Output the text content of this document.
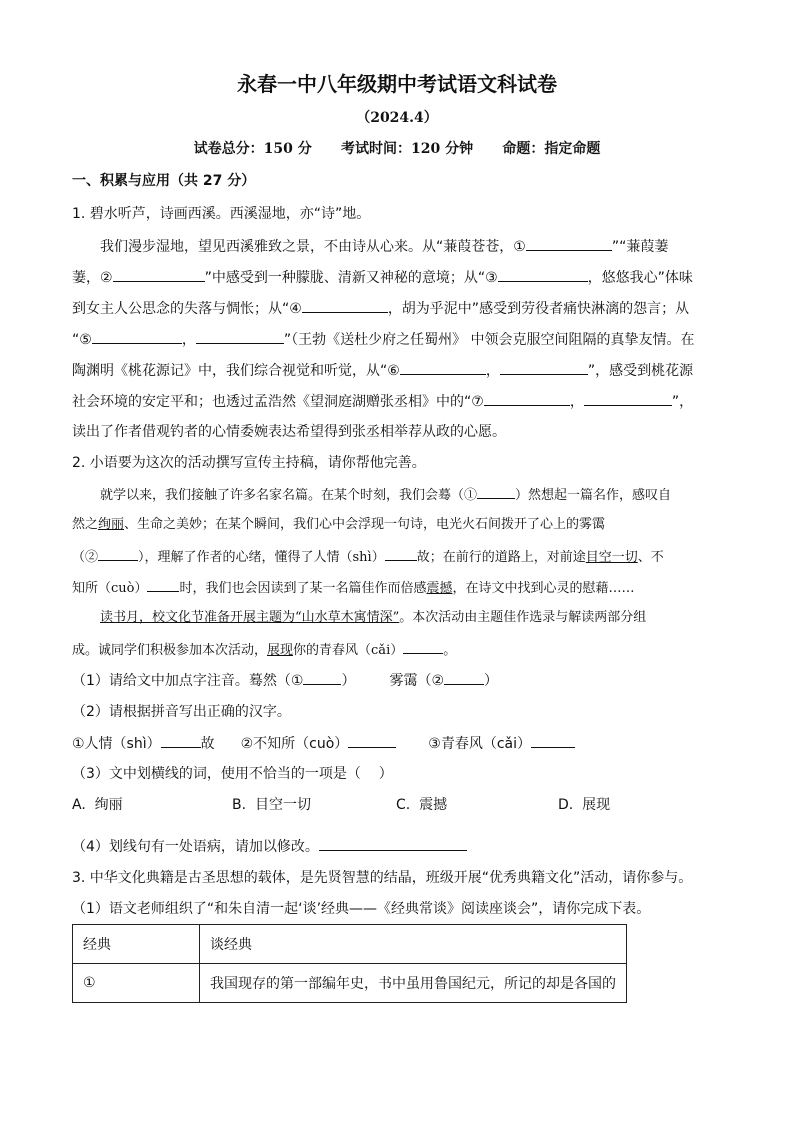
永春一中八年级期中考试语文科试卷
（2024.4）
试卷总分：150 分      考试时间：120 分钟      命题：指定命题
一、积累与应用（共 27 分）
1. 碧水听芦，诗画西溪。西溪湿地，亦“诗”地。
我们漫步湿地，望见西溪雅致之景，不由诗从心来。从“蒹葭苍苍，①	”“蒹葭萋
萋，②	”中感受到一种朦胧、清新又神秘的意境；从“③	，悠悠我心”体味
到女主人公思念的失落与惆怅；从“④	，胡为乎泥中”感受到劳役者痛快淋漓的怨言；从
“⑤	，	”（王勃《送杜少府之任蜀州》 中领会克服空间阻隔的真挚友情。在
陶渊明《桃花源记》中，我们综合视觉和听觉，从“⑥	，	”，感受到桃花源
社会环境的安定平和；也透过孟浩然《望洞庭湖赠张丞相》中的“⑦	，	”，
读出了作者借观钓者的心情委婉表达希望得到张丞相举荐从政的心愿。
2. 小语要为这次的活动撰写宣传主持稿，请你帮他完善。
就学以来，我们接触了许多名家名篇。在某个时刻，我们会蓦（①	）然想起一篇名作，感叹自
然之绚丽、生命之美妙；在某个瞬间，我们心中会浮现一句诗，电光火石间拨开了心上的雾霭
（②	），理解了作者的心绪，懂得了人情（shì） 故；在前行的道路上，对前途目空一切、不
知所（cuò） 时，我们也会因读到了某一名篇佳作而倍感震撼，在诗文中找到心灵的慰藉……
读书月，校文化节准备开展主题为“山水草木寓情深”。本次活动由主题佳作选录与解读两部分组
成。诚同学们积极参加本次活动，展现你的青春风（cǎi）	。
（1）请给文中加点字注音。蓦然（①	） 雾霭（②	）
（2）请根据拼音写出正确的汉字。
①人情（shì）	故 ②不知所（cuò）	③青春风（cǎi）
（3）文中划横线的词，使用不恰当的一项是（    ）
A.  绚丽	B.  目空一切	C.  震撼	D.  展现
（4）划线句有一处语病，请加以修改。
3. 中华文化典籍是古圣思想的载体，是先贤智慧的结晶，班级开展“优秀典籍文化”活动，请你参与。
（1）语文老师组织了“和朱自清一起‘谈’经典——《经典常谈》阅读座谈会”，请你完成下表。
经典	谈经典
①	我国现存的第一部编年史，书中虽用鲁国纪元，所记的却是各国的
